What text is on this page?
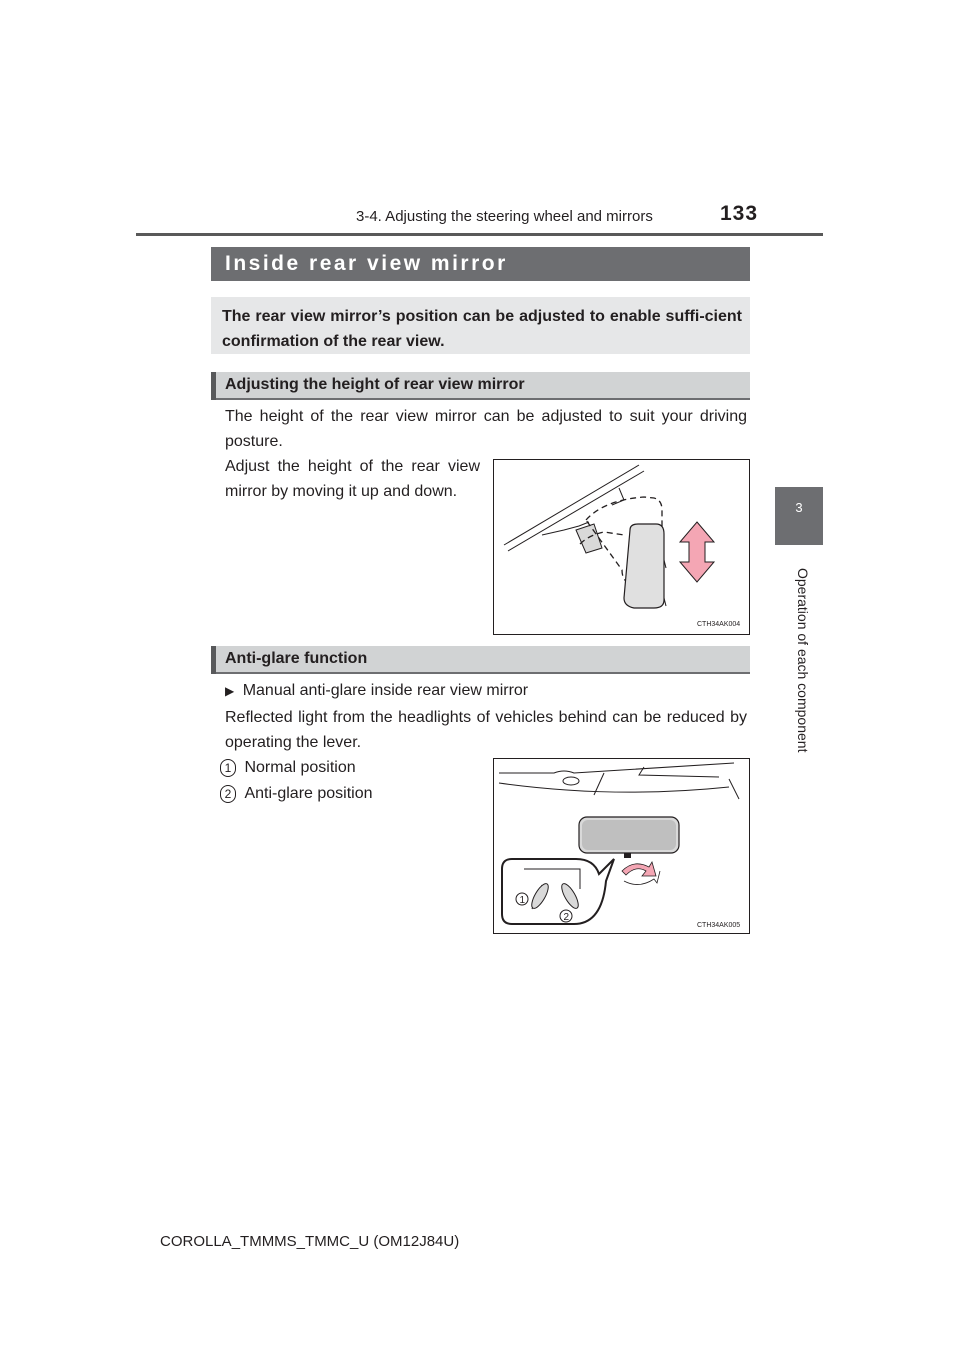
3-4. Adjusting the steering wheel and mirrors	133
3
Operation of each component
Inside rear view mirror
The rear view mirror’s position can be adjusted to enable suffi-cient confirmation of the rear view.
Adjusting the height of rear view mirror
The height of the rear view mirror can be adjusted to suit your driving posture.
Adjust the height of the rear view mirror by moving it up and down.
CTH34AK004
Anti-glare function
▶ Manual anti-glare inside rear view mirror
Reflected light from the headlights of vehicles behind can be reduced by operating the lever.
1 Normal position
2 Anti-glare position
1
2
CTH34AK005
COROLLA_TMMMS_TMMC_U (OM12J84U)
